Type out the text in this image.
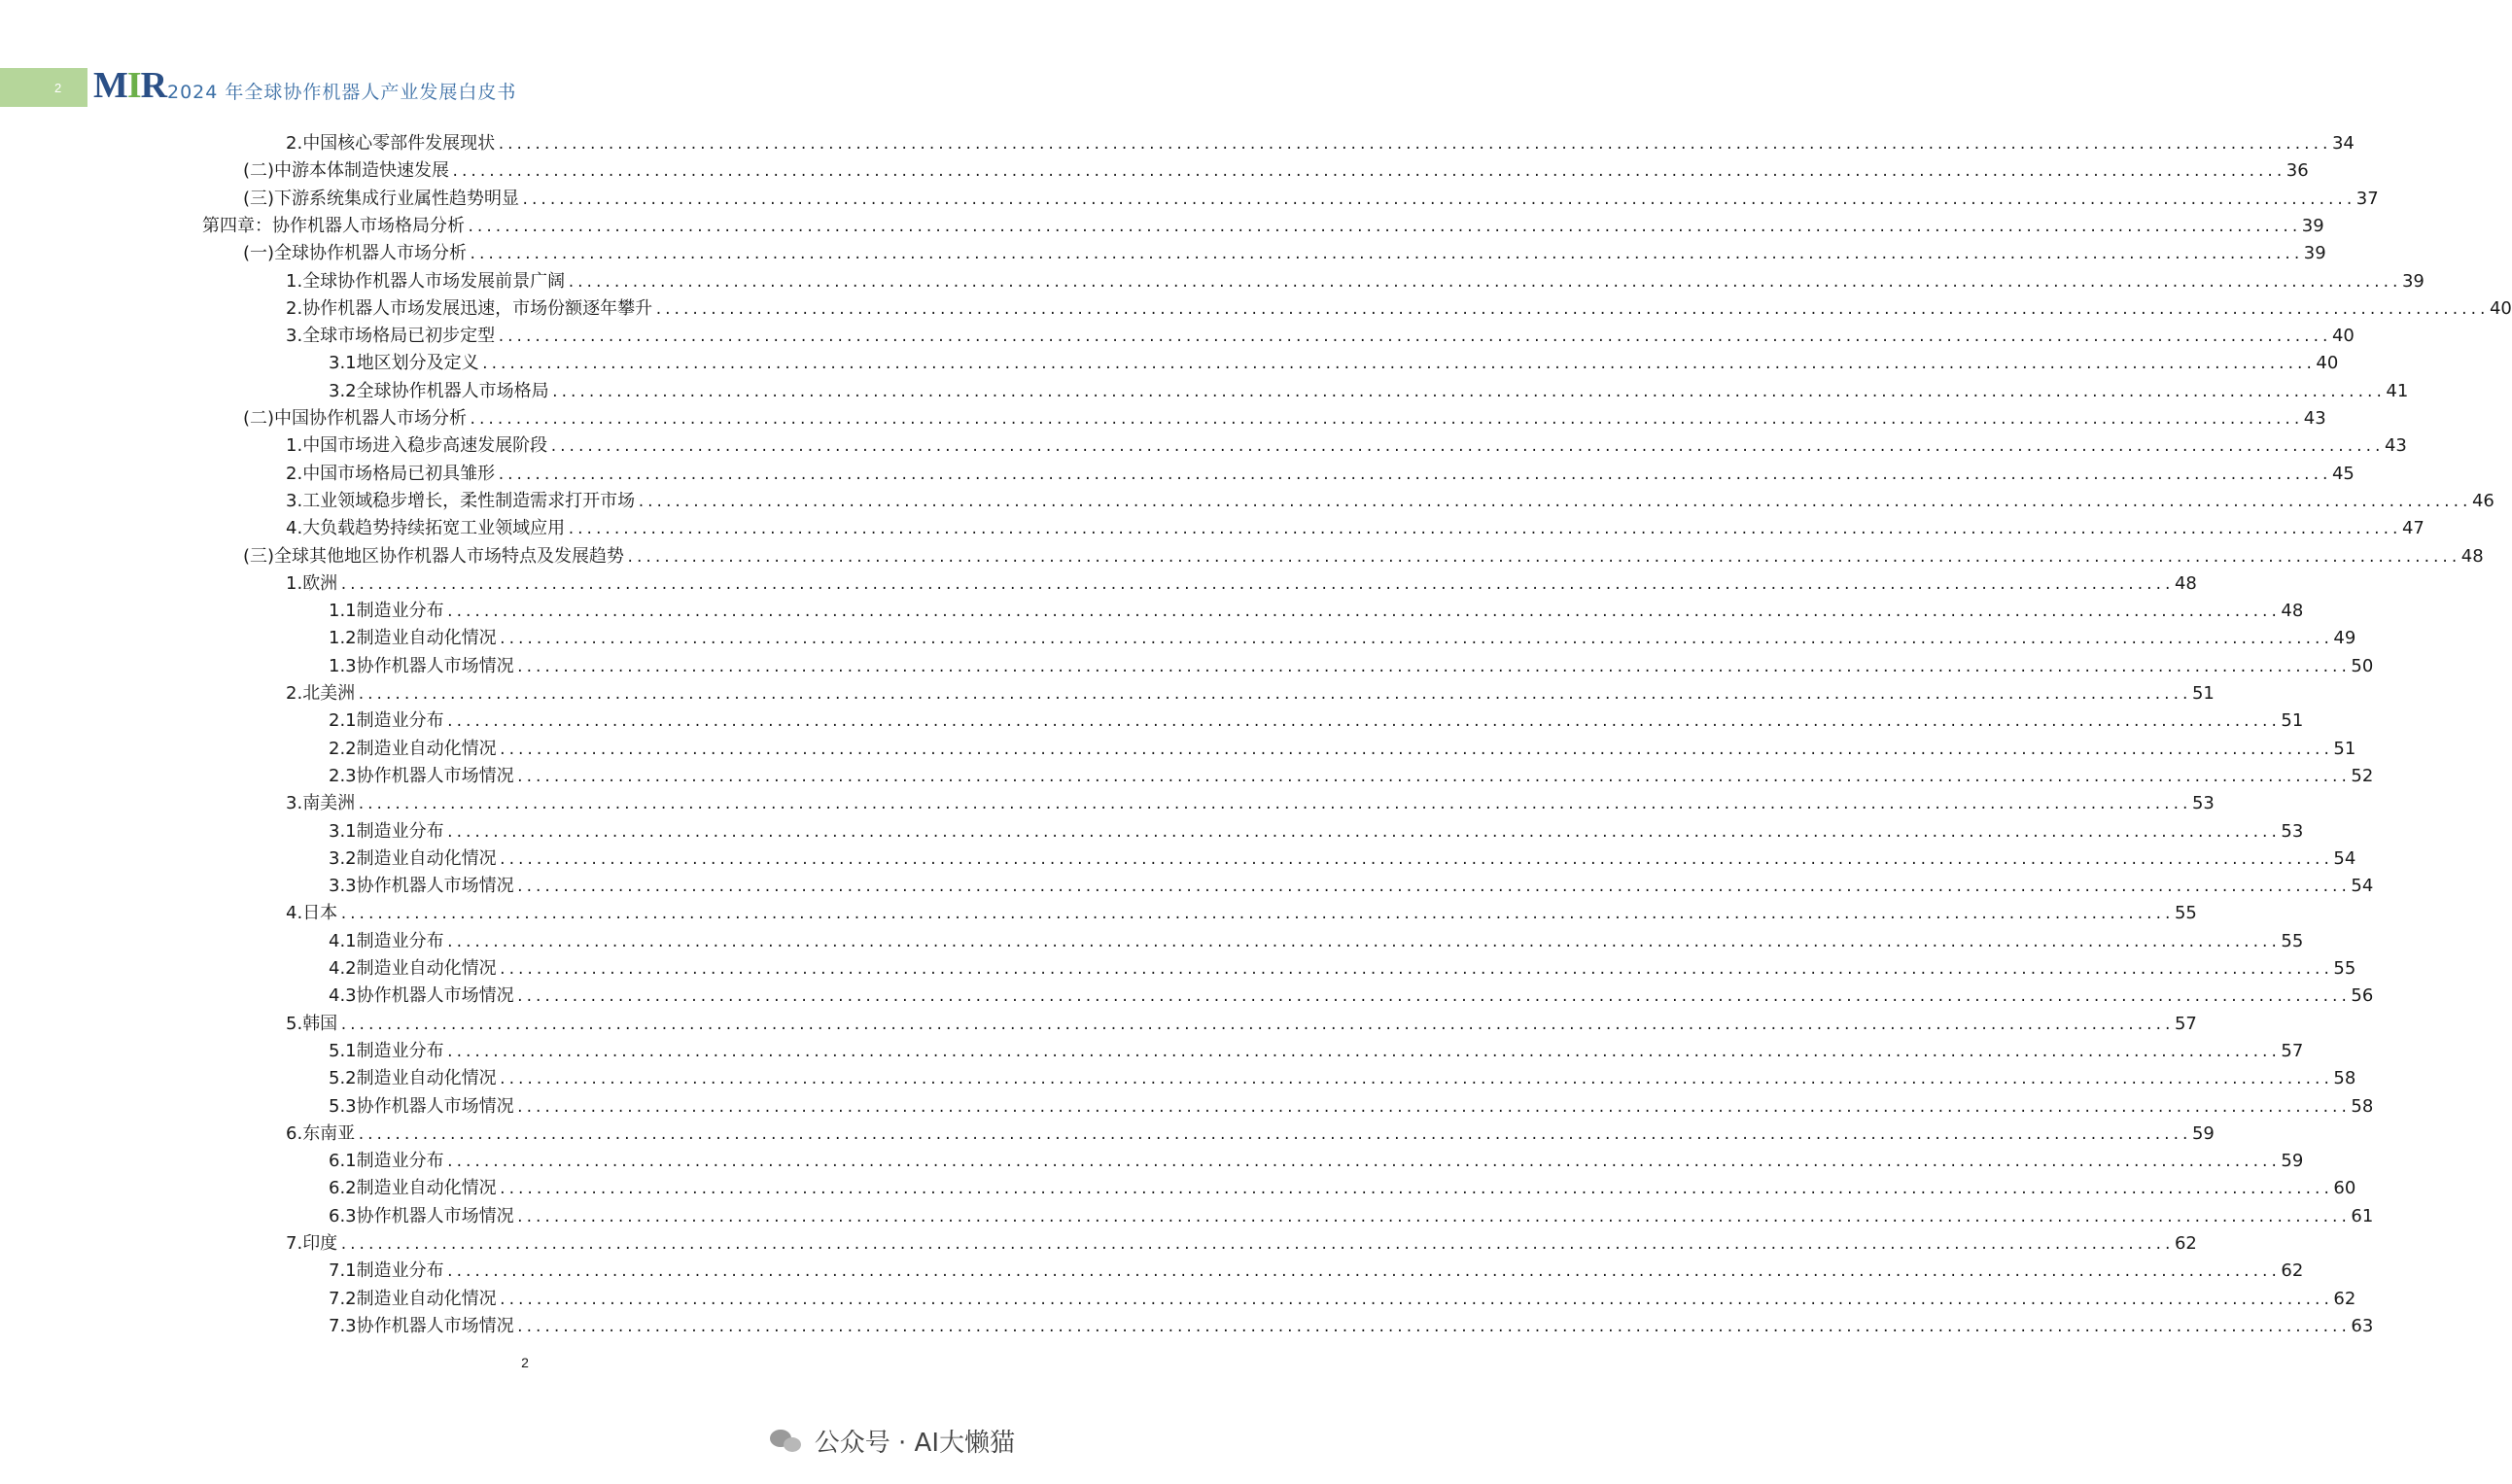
2 MIR 2024 年全球协作机器人产业发展白皮书
2. 中国核心零部件发展现状 ........................................................................................................................................................................................................ 34
(二) 中游本体制造快速发展 ........................................................................................................................................................................................................ 36
(三) 下游系统集成行业属性趋势明显 ........................................................................................................................................................................................................ 37
第四章： 协作机器人市场格局分析 ........................................................................................................................................................................................................ 39
(一) 全球协作机器人市场分析 ........................................................................................................................................................................................................ 39
1. 全球协作机器人市场发展前景广阔 ........................................................................................................................................................................................................ 39
2. 协作机器人市场发展迅速，市场份额逐年攀升 ........................................................................................................................................................................................................ 40
3. 全球市场格局已初步定型 ........................................................................................................................................................................................................ 40
3.1 地区划分及定义 ........................................................................................................................................................................................................ 40
3.2 全球协作机器人市场格局 ........................................................................................................................................................................................................ 41
(二) 中国协作机器人市场分析 ........................................................................................................................................................................................................ 43
1. 中国市场进入稳步高速发展阶段 ........................................................................................................................................................................................................ 43
2. 中国市场格局已初具雏形 ........................................................................................................................................................................................................ 45
3. 工业领域稳步增长，柔性制造需求打开市场 ........................................................................................................................................................................................................ 46
4. 大负载趋势持续拓宽工业领域应用 ........................................................................................................................................................................................................ 47
(三) 全球其他地区协作机器人市场特点及发展趋势 ........................................................................................................................................................................................................ 48
1. 欧洲 ........................................................................................................................................................................................................ 48
1.1 制造业分布 ........................................................................................................................................................................................................ 48
1.2 制造业自动化情况 ........................................................................................................................................................................................................ 49
1.3 协作机器人市场情况 ........................................................................................................................................................................................................ 50
2. 北美洲 ........................................................................................................................................................................................................ 51
2.1 制造业分布 ........................................................................................................................................................................................................ 51
2.2 制造业自动化情况 ........................................................................................................................................................................................................ 51
2.3 协作机器人市场情况 ........................................................................................................................................................................................................ 52
3. 南美洲 ........................................................................................................................................................................................................ 53
3.1 制造业分布 ........................................................................................................................................................................................................ 53
3.2 制造业自动化情况 ........................................................................................................................................................................................................ 54
3.3 协作机器人市场情况 ........................................................................................................................................................................................................ 54
4. 日本 ........................................................................................................................................................................................................ 55
4.1 制造业分布 ........................................................................................................................................................................................................ 55
4.2 制造业自动化情况 ........................................................................................................................................................................................................ 55
4.3 协作机器人市场情况 ........................................................................................................................................................................................................ 56
5. 韩国 ........................................................................................................................................................................................................ 57
5.1 制造业分布 ........................................................................................................................................................................................................ 57
5.2 制造业自动化情况 ........................................................................................................................................................................................................ 58
5.3 协作机器人市场情况 ........................................................................................................................................................................................................ 58
6. 东南亚 ........................................................................................................................................................................................................ 59
6.1 制造业分布 ........................................................................................................................................................................................................ 59
6.2 制造业自动化情况 ........................................................................................................................................................................................................ 60
6.3 协作机器人市场情况 ........................................................................................................................................................................................................ 61
7. 印度 ........................................................................................................................................................................................................ 62
7.1 制造业分布 ........................................................................................................................................................................................................ 62
7.2 制造业自动化情况 ........................................................................................................................................................................................................ 62
7.3 协作机器人市场情况 ........................................................................................................................................................................................................ 63
2
公众号 · AI大懒猫
